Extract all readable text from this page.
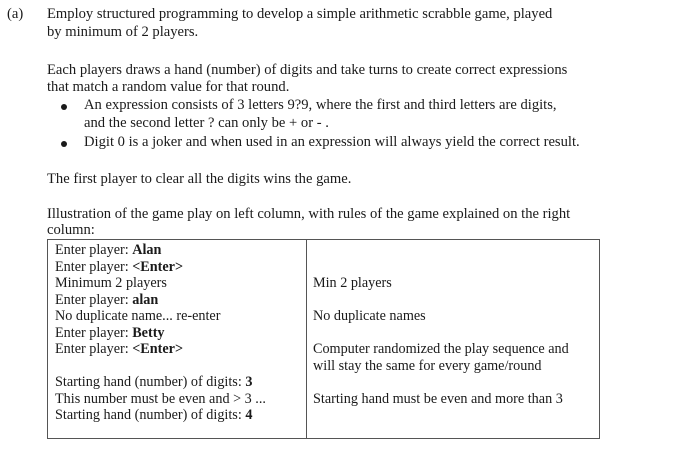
(a) Employ structured programming to develop a simple arithmetic scrabble game, played
by minimum of 2 players.
Each players draws a hand (number) of digits and take turns to create correct expressions
that match a random value for that round.
An expression consists of 3 letters 9?9, where the first and third letters are digits,
and the second letter ? can only be + or - .
Digit 0 is a joker and when used in an expression will always yield the correct result.
The first player to clear all the digits wins the game.
Illustration of the game play on left column, with rules of the game explained on the right
column:
Enter player: Alan
Enter player: <Enter>
Minimum 2 players
Enter player: alan
No duplicate name... re-enter
Enter player: Betty
Enter player: <Enter>
Starting hand (number) of digits: 3
This number must be even and > 3 ...
Starting hand (number) of digits: 4
Min 2 players
No duplicate names
Computer randomized the play sequence and
will stay the same for every game/round
Starting hand must be even and more than 3
